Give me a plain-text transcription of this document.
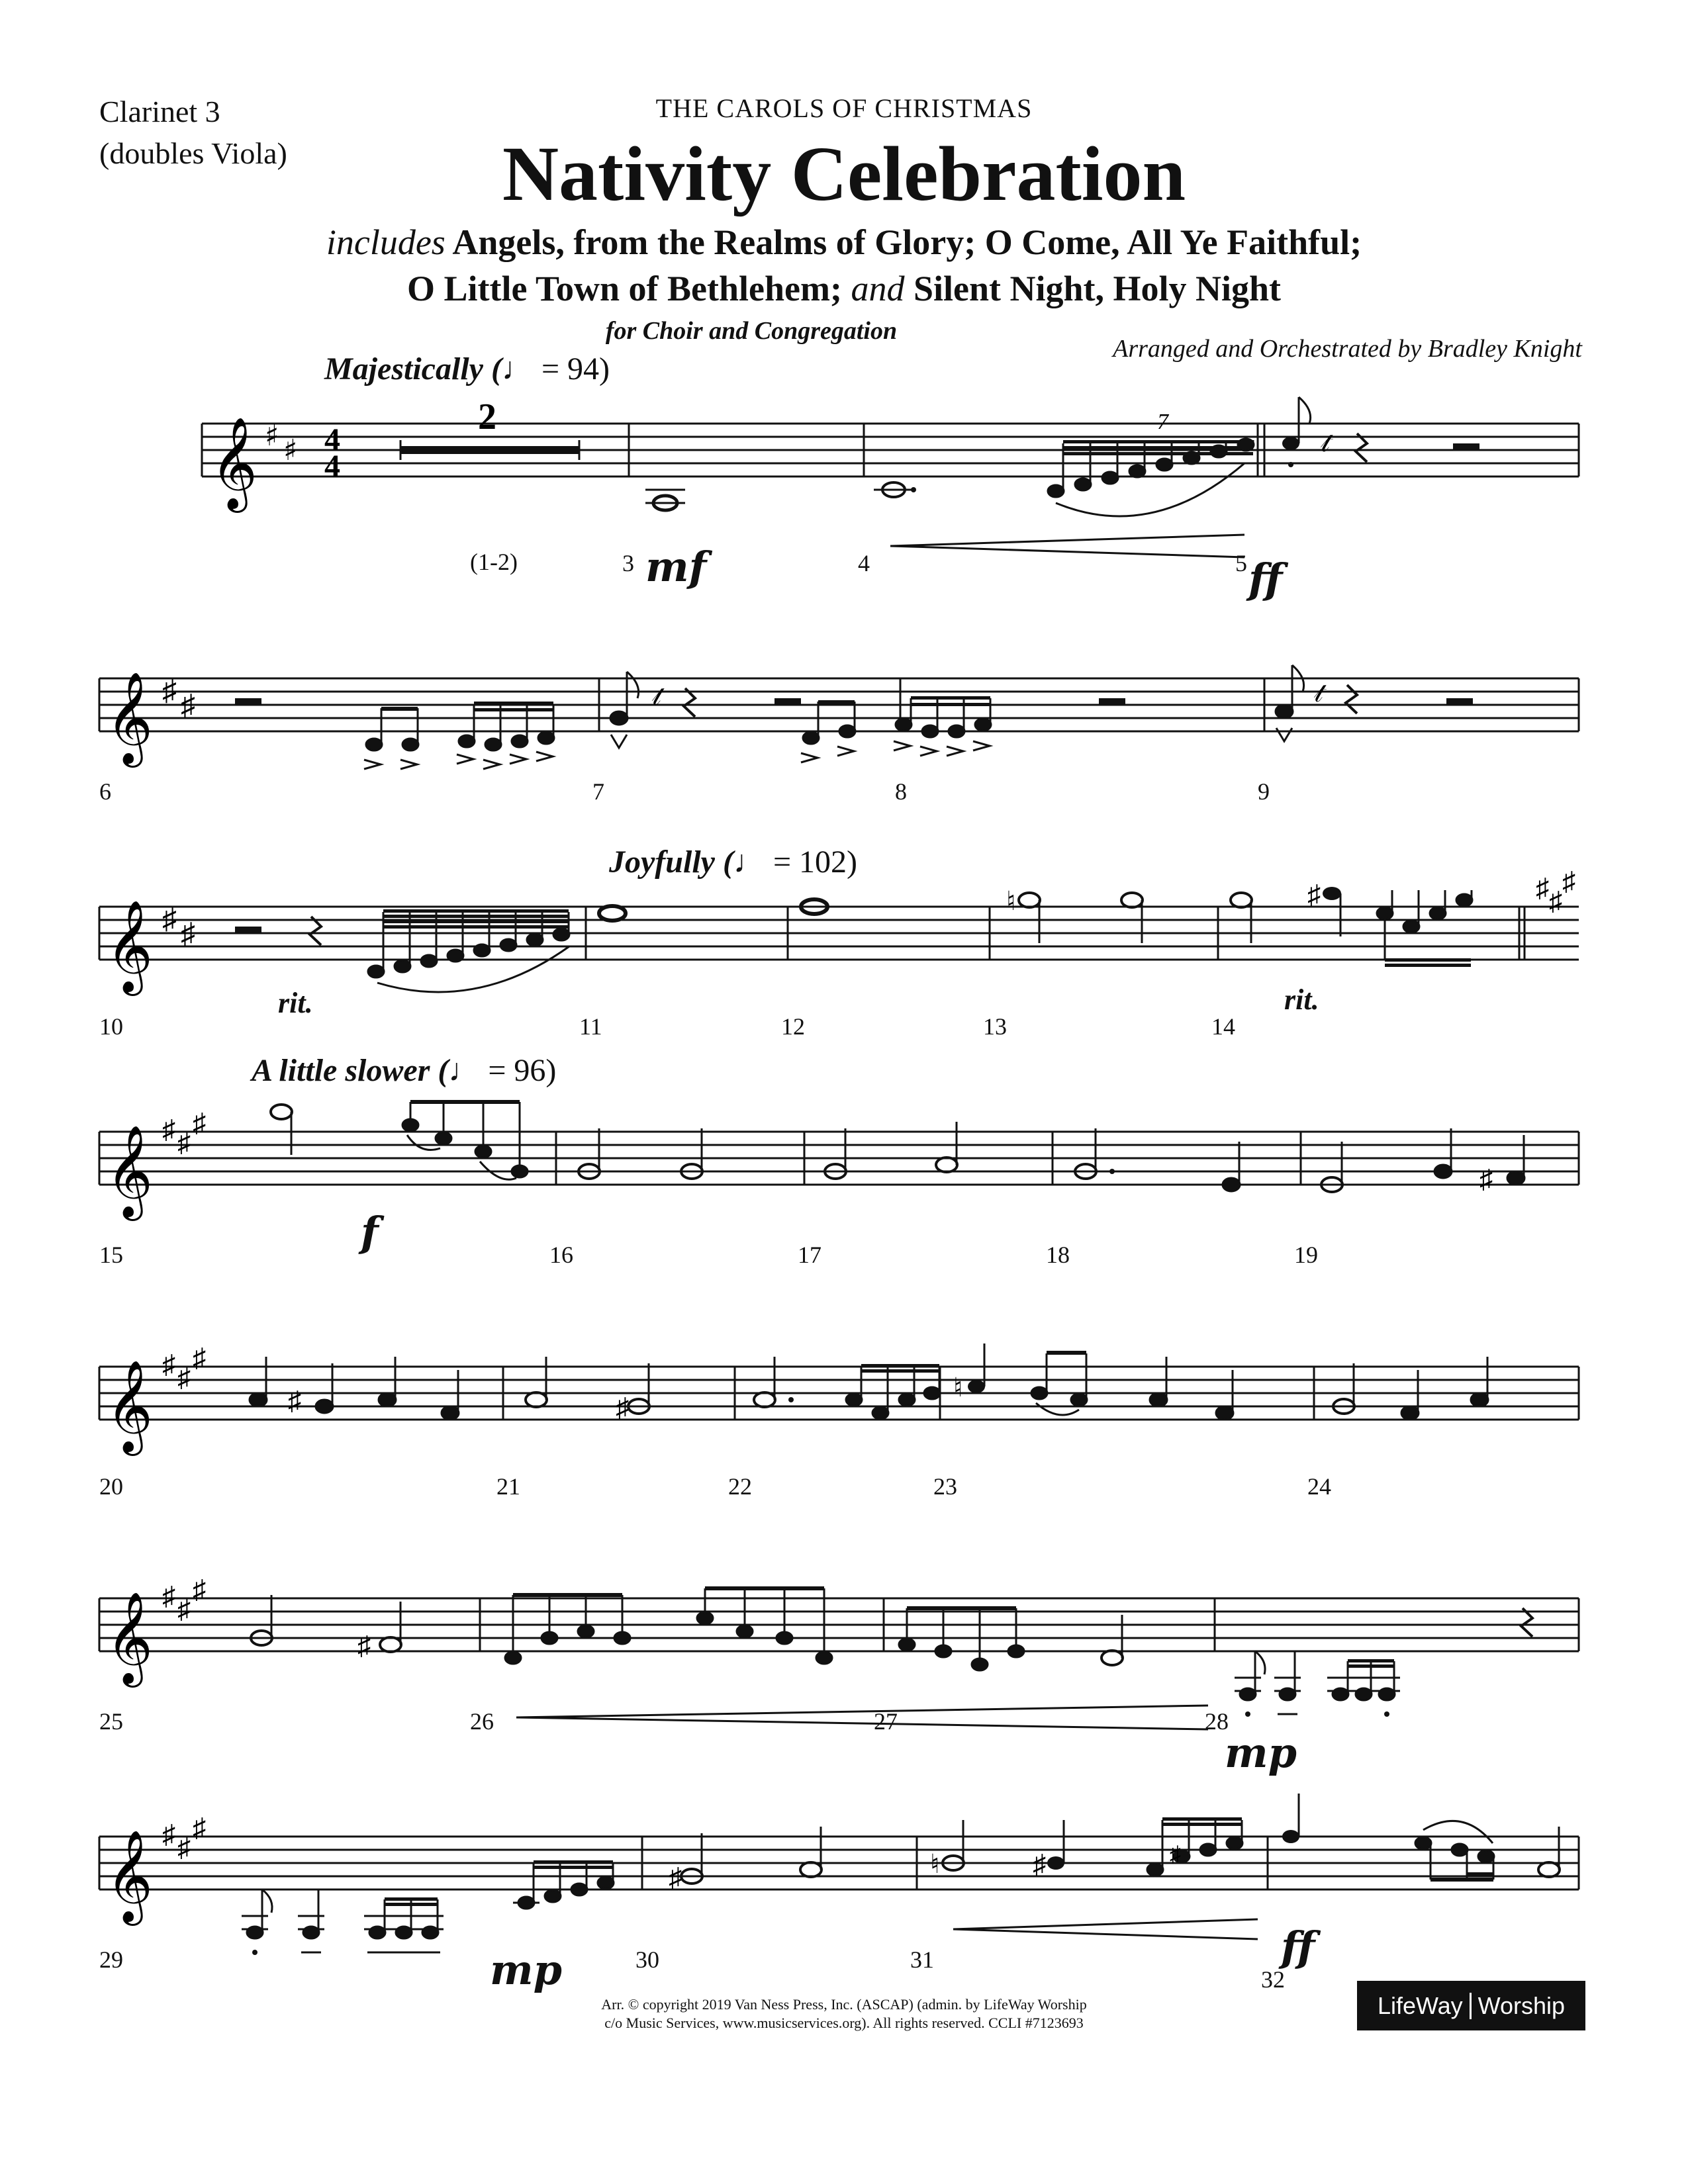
Clarinet 3
(doubles Viola)
THE CAROLS OF CHRISTMAS
Nativity Celebration
includes Angels, from the Realms of Glory; O Come, All Ye Faithful;
O Little Town of Bethlehem; and Silent Night, Holy Night
for Choir and Congregation
Arranged and Orchestrated by Bradley Knight
Majestically (♩ = 94)
Joyfully (♩ = 102)
A little slower (♩ = 96)
𝄞 ♯ ♯ 4
4
2	7
𝓉
(1-2)	3	4	5
mf	ff
𝄞 ♯ ♯	𝓉	𝓉
6	7	8	9
𝄞 ♯ ♯
♮	♯	♯ ♯
♯
10	11	12	13	14
rit.	rit.
𝄞 ♯ ♯
♯
♯
15	16	17	18	19
f
𝄞 ♯ ♯
♯
♯	♯
♮
20	21	22	23	24
𝄞 ♯ ♯
♯
♯
25	26	27	28
mp
𝄞 ♯ ♯
♯
♯	♮	♯	♯
29	30	31
32
mp	ff
Arr. © copyright 2019 Van Ness Press, Inc. (ASCAP) (admin. by LifeWay Worship
c/o Music Services, www.musicservices.org). All rights reserved. CCLI #7123693
LifeWay Worship
